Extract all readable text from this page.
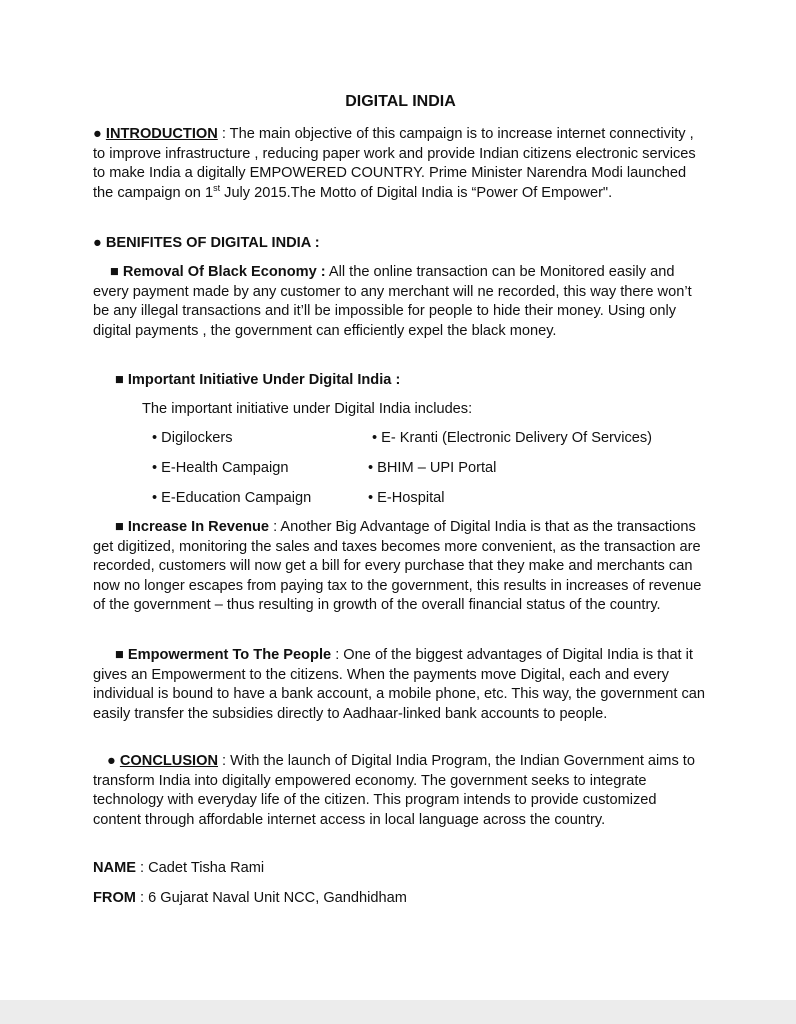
DIGITAL INDIA
● INTRODUCTION : The main objective of this campaign is to increase internet connectivity , to improve infrastructure , reducing paper work and provide Indian citizens electronic services to make India a digitally EMPOWERED COUNTRY. Prime Minister Narendra Modi launched the campaign on 1st July 2015.The Motto of Digital India is “Power Of Empower".
● BENIFITES OF DIGITAL INDIA :
■ Removal Of Black Economy : All the online transaction can be Monitored easily and every payment made by any customer to any merchant will ne recorded, this way there won’t be any illegal transactions and it’ll be impossible for people to hide their money. Using only digital payments , the government can efficiently expel the black money.
■ Important Initiative Under Digital India :
The important initiative under Digital India includes:
• Digilockers
• E-Health Campaign
• E-Education Campaign
• E- Kranti (Electronic Delivery Of Services)
• BHIM – UPI Portal
• E-Hospital
■ Increase In Revenue : Another Big Advantage of Digital India is that as the transactions get digitized, monitoring the sales and taxes becomes more convenient, as the transaction are recorded, customers will now get a bill for every purchase that they make and merchants can now no longer escapes from paying tax to the government, this results in increases of revenue of the government – thus resulting in growth of the overall financial status of the country.
■ Empowerment To The People : One of the biggest advantages of Digital India is that it gives an Empowerment to the citizens. When the payments move Digital, each and every individual is bound to have a bank account, a mobile phone, etc. This way, the government can easily transfer the subsidies directly to Aadhaar-linked bank accounts to people.
● CONCLUSION : With the launch of Digital India Program, the Indian Government aims to transform India into digitally empowered economy. The government seeks to integrate technology with everyday life of the citizen. This program intends to provide customized content through affordable internet access in local language across the country.
NAME : Cadet Tisha Rami
FROM : 6 Gujarat Naval Unit NCC, Gandhidham
